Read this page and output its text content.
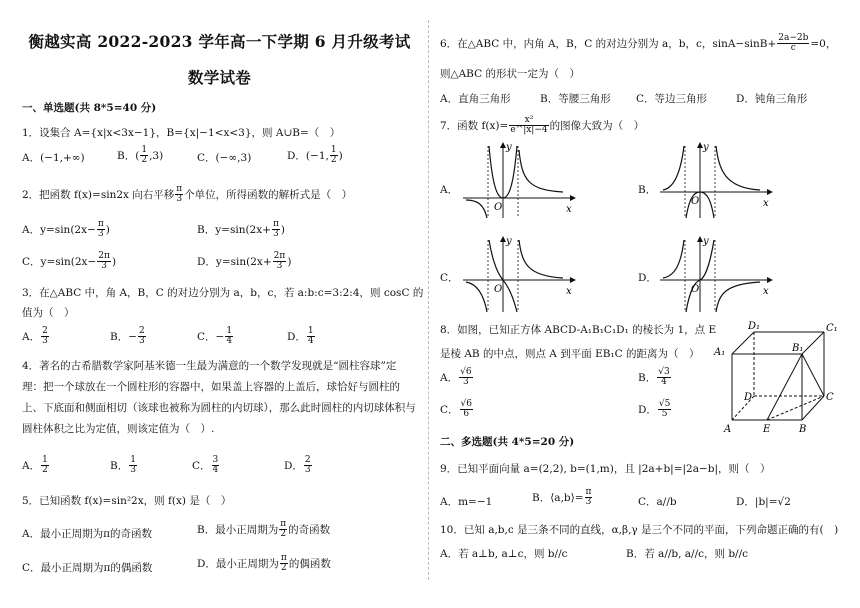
衡越实高 2022-2023 学年高一下学期 6 月升级考试
数学试卷
一、单选题(共 8*5=40 分)
1．设集合 A={x|x<3x−1}，B={x|−1<x<3}，则 A∪B=（　）
A．(−1,+∞)	B．( $\frac{1}{2} ,3$)	C．(−∞,3)	D．(−1, $\frac{1}{2}$ )
2．把函数 f(x)=sin2x 向右平移 $\frac{\pi}{3}$ 个单位，所得函数的解析式是（　）
A．$y=\sin(2x- \frac{\pi}{3}$ )	B．$y=\sin(2x+ \frac{\pi}{3}$ )
C．$y=\sin(2x- \frac{2\pi}{3}$ )	D．$y=\sin(2x+ \frac{2\pi}{3}$ )
3．在△ABC 中，角 A，B，C 的对边分别为 a，b，c，若 a:b:c=3:2:4，则 cosC 的
值为（　）
A． $\frac{2}{3}$	B．− $\frac{2}{3}$	C．− $\frac{1}{4}$	D． $\frac{1}{4}$
4．著名的古希腊数学家阿基米德一生最为满意的一个数学发现就是“圆柱容球”定理：把一个球放在一个圆柱形的容器中，如果盖上容器的上盖后，球恰好与圆柱的上、下底面和侧面相切（该球也被称为圆柱的内切球），那么此时圆柱的内切球体积与圆柱体积之比为定值，则该定值为（　）.
A． $\frac{1}{2}$	B． $\frac{1}{3}$	C． $\frac{3}{4}$	D． $\frac{2}{3}$
5．已知函数 f(x)=sin²2x，则 f(x) 是（　）
A．最小正周期为π的奇函数	B．最小正周期为 $\frac{\pi}{2}$ 的奇函数
C．最小正周期为π的偶函数	D．最小正周期为 $\frac{\pi}{2}$ 的偶函数
6．在△ABC 中，内角 A，B，C 的对边分别为 a，b，c，$\sin A-\sin B+ \frac{2a-2b}{c} =0$，
则△ABC 的形状一定为（　）
A．直角三角形	B．等腰三角形 C．等边三角形	D．钝角三角形
7．函数 $f(x)= \frac{\text{x²}}{e\^{}|x|-4}$ 的图像大致为（　）
A．
O
y
x
B．
O
y
x
C．
O
y
x
D．
O
y
x
8．如图，已知正方体 ABCD-A₁B₁C₁D₁ 的棱长为 1，点 E
是棱 AB 的中点，则点 A 到平面 EB₁C 的距离为（　）
A． $\frac{√6}{3}$	B． $\frac{√3}{4}$
C． $\frac{√6}{6}$	D． $\frac{√5}{5}$
D₁	C₁
A₁	B₁
D	C
A	E	B
二、多选题(共 4*5=20 分)
9．已知平面向量 a=(2,2), b=(1,m)，且 |2a+b|=|2a−b|，则（　）
A．m=−1	B．⟨a,b⟩= $\frac{\pi}{3}$	C．a//b	D．|b|=√2
10．已知 a,b,c 是三条不同的直线，α,β,γ 是三个不同的平面，下列命题正确的有(　)
A．若 a⊥b, a⊥c，则 b//c	B．若 a//b, a//c，则 b//c
